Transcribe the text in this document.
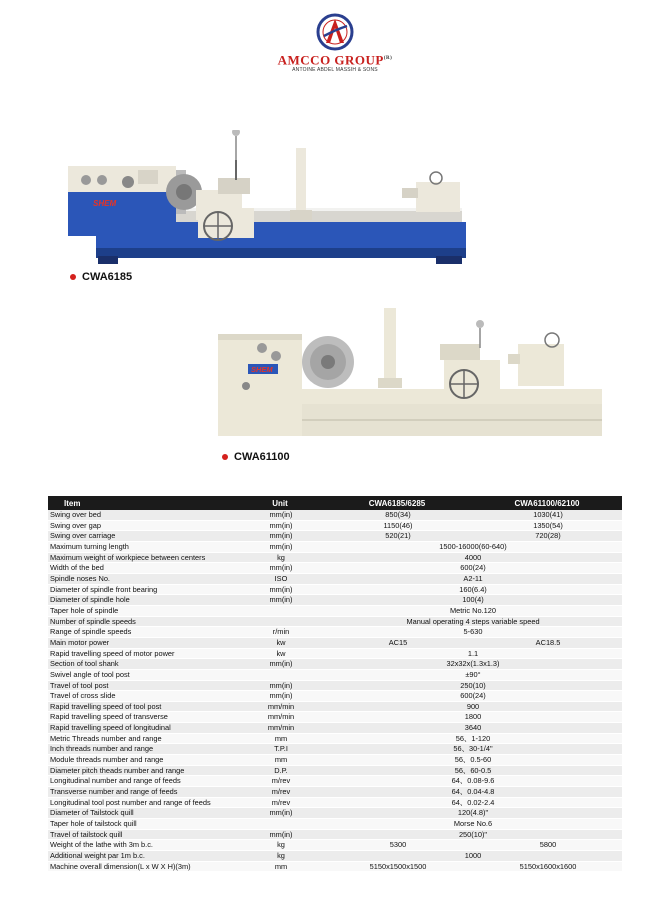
AMCCO $GROUP^{(R)}$
ANTOINE ABDEL MASSIH & SONS
SHEM
CWA6185
SHEM
CWA61100
Item	Unit	CWA6185/6285	CWA61100/62100
Swing over bed	mm(in)	850(34)	1030(41)
Swing over gap	mm(in)	1150(46)	1350(54)
Swing over carriage	mm(in)	520(21)	720(28)
Maximum turning length	mm(in)	1500-16000(60-640)	
Maximum weight of workpiece between centers	kg	4000	
Width of the bed	mm(in)	600(24)	
Spindle noses No.	ISO	A2-11	
Diameter of spindle front bearing	mm(in)	160(6.4)	
Diameter of spindle hole	mm(in)	100(4)	
Taper hole of spindle		Metric No.120	
Number of spindle speeds		Manual operating 4 steps variable speed	
Range of spindle speeds	r/min	5-630	
Main motor power	kw	AC15	AC18.5
Rapid travelling speed of motor power	kw	1.1	
Section of tool shank	mm(in)	32x32x(1.3x1.3)	
Swivel angle of tool post		±90°	
Travel of tool post	mm(in)	250(10)	
Travel of cross slide	mm(in)	600(24)	
Rapid travelling speed of tool post	mm/min	900	
Rapid travelling speed of transverse	mm/min	1800	
Rapid travelling speed of longitudinal	mm/min	3640	
Metric Threads number and range	mm	56、1-120	
Inch threads number and range	T.P.I	56、30-1/4"	
Module threads number and range	mm	56、0.5-60	
Diameter pitch theads number and range	D.P.	56、60-0.5	
Longitudinal number and range of feeds	m/rev	64、0.08-9.6	
Transverse number and range of feeds	m/rev	64、0.04-4.8	
Longitudinal tool post number and range of feeds	m/rev	64、0.02-2.4	
Diameter of Tailstock quill	mm(in)	120(4.8)"	
Taper hole of tailstock quill		Morse No.6	
Travel of tailstock quill	mm(in)	250(10)"	
Weight of the lathe with 3m b.c.	kg	5300	5800
Additional weight par 1m b.c.	kg	1000	
Machine overall dimension(L x W X H)(3m)	mm	5150x1500x1500	5150x1600x1600
